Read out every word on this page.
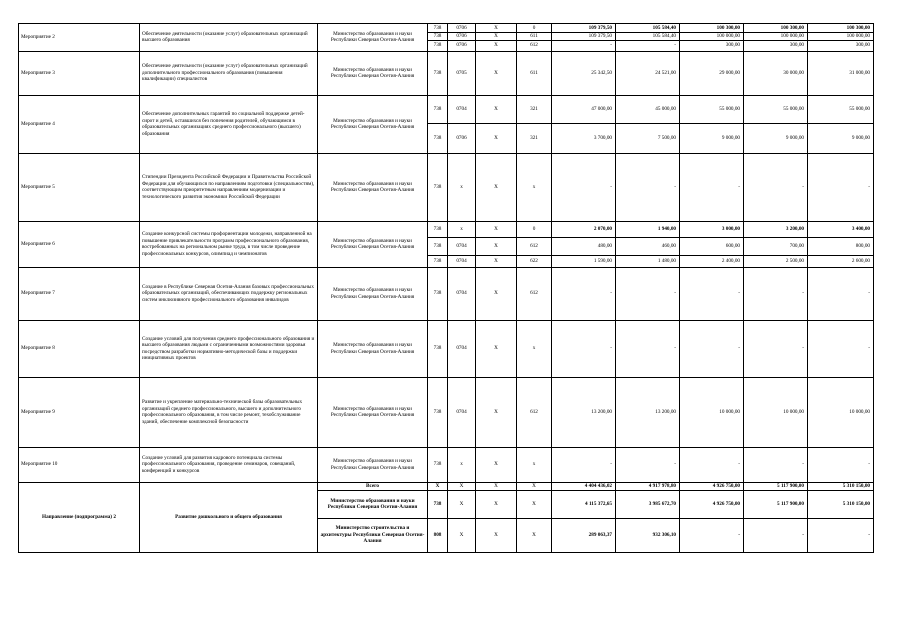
Мероприятие 2	Обеспечение деятельности (оказание услуг) образовательных организаций высшего образования	Министерство образования и науки Республики Северная Осетия-Алания	738	0706	Х	0	109 379,50	105 584,40	100 300,00	100 300,00	100 300,00
			738	0706	Х	611	109 379,50	105 584,40	100 000,00	100 000,00	100 000,00
			738	0706	Х	612	-	-	300,00	300,00	300,00
Мероприятие 3	Обеспечение деятельности (оказание услуг) образовательных организаций дополнительного профессионального образования (повышения квалификации) специалистов	Министерство образования и науки Республики Северная Осетия-Алания	738	0705	Х	611	25 342,50	24 521,00	29 000,00	30 000,00	31 000,00
Мероприятие 4	Обеспечение дополнительных гарантий по социальной поддержке детей-сирот и детей, оставшихся без попечения родителей, обучающимся в образовательных организациях среднего профессионального (высшего) образования	Министерство образования и науки Республики Северная Осетия-Алания	738	0704	Х	321	47 000,00	45 000,00	55 000,00	55 000,00	55 000,00
			738	0706	Х	321	3 700,00	7 500,00	9 000,00	9 000,00	9 000,00
Мероприятие 5	Стипендии Президента Российской Федерации и Правительства Российской Федерации для обучающихся по направлениям подготовки (специальностям), соответствующим приоритетным направлениям модернизации и технологического развития экономики Российской Федерации	Министерство образования и науки Республики Северная Осетия-Алания	738	х	Х	х	-	-	-	-	-
Мероприятие 6	Создание конкурсной системы профориентации молодежи, направленной на повышение привлекательности программ профессионального образования, востребованных на региональном рынке труда, в том числе проведение профессиональных конкурсов, олимпиад и чемпионатов	Министерство образования и науки Республики Северная Осетия-Алания	738	х	Х	0	2 070,00	1 940,00	3 000,00	3 200,00	3 400,00
			738	0704	Х	612	480,00	460,00	600,00	700,00	800,00
			738	0704	Х	622	1 590,00	1 480,00	2 400,00	2 500,00	2 600,00
Мероприятие 7	Создание в Республике Северная Осетия-Алания базовых профессиональных образовательных организаций, обеспечивающих поддержку региональных систем инклюзивного профессионального образования инвалидов	Министерство образования и науки Республики Северная Осетия-Алания	738	0704	Х	612	-	-	-	-	-
Мероприятие 8	Создание условий для получения среднего профессионального образования и высшего образования людьми с ограниченными возможностями здоровья посредством разработки нормативно-методической базы и поддержки инициативных проектов	Министерство образования и науки Республики Северная Осетия-Алания	738	0704	Х	х	-	-	-	-	-
Мероприятие 9	Развитие и укрепление материально-технической базы образовательных организаций среднего профессионального, высшего и дополнительного профессионального образования, в том числе ремонт, техобслуживание зданий, обеспечение комплексной безопасности	Министерство образования и науки Республики Северная Осетия-Алания	738	0704	Х	612	13 200,00	13 200,00	10 000,00	10 000,00	10 000,00
Мероприятие 10	Создание условий для развития кадрового потенциала системы профессионального образования, проведение семинаров, совещаний, конференций и конкурсов	Министерство образования и науки Республики Северная Осетия-Алания	738	х	Х	х	-	-	-	-	-
Направление (подпрограмма) 2	Развитие дошкольного и общего образования	Всего	Х	Х	Х	Х	4 404 436,02	4 917 978,80	4 926 750,00	5 117 900,00	5 310 150,00
		Министерство образования и науки Республики Северная Осетия-Алания	738	Х	Х	Х	4 115 372,65	3 985 672,70	4 926 750,00	5 117 900,00	5 310 150,00
		Министерство строительства и архитектуры Республики Северная Осетия-Алания	808	Х	Х	Х	289 063,37	932 306,10	-	-	-
